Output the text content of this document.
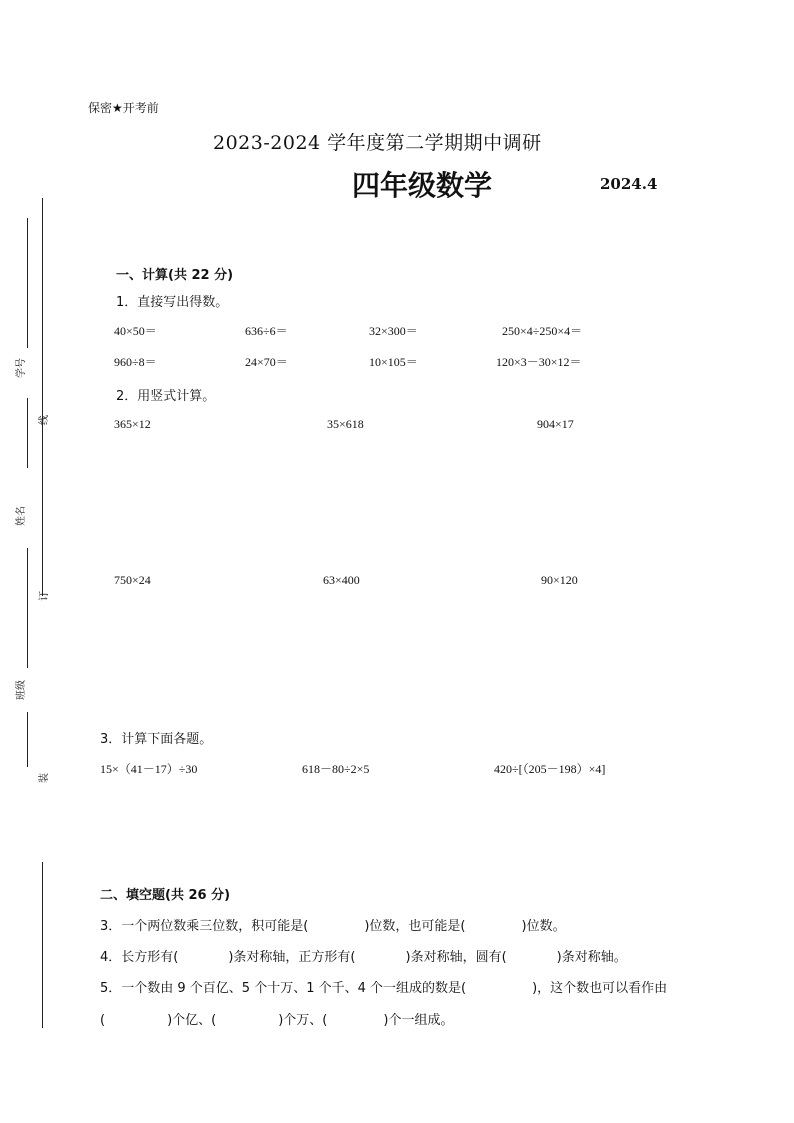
保密★开考前
2023-2024 学年度第二学期期中调研
四年级数学	2024.4
学号
线
姓名
订
班级
装
一、计算(共 22 分)
1．直接写出得数。
40×50＝	636÷6＝	32×300＝	250×4÷250×4＝
960÷8＝	24×70＝	10×105＝	120×3－30×12＝
2．用竖式计算。
365×12	35×618	904×17
750×24	63×400	90×120
3．计算下面各题。
15×（41－17）÷30	618－80÷2×5	420÷[（205－198）×4]
二、填空题(共 26 分)
3．一个两位数乘三位数，积可能是(	)位数，也可能是(	)位数。
4．长方形有(	)条对称轴，正方形有(	)条对称轴，圆有(	)条对称轴。
5．一个数由 9 个百亿、5 个十万、1 个千、4 个一组成的数是(	)，这个数也可以看作由
(	)个亿、(	)个万、(	)个一组成。
